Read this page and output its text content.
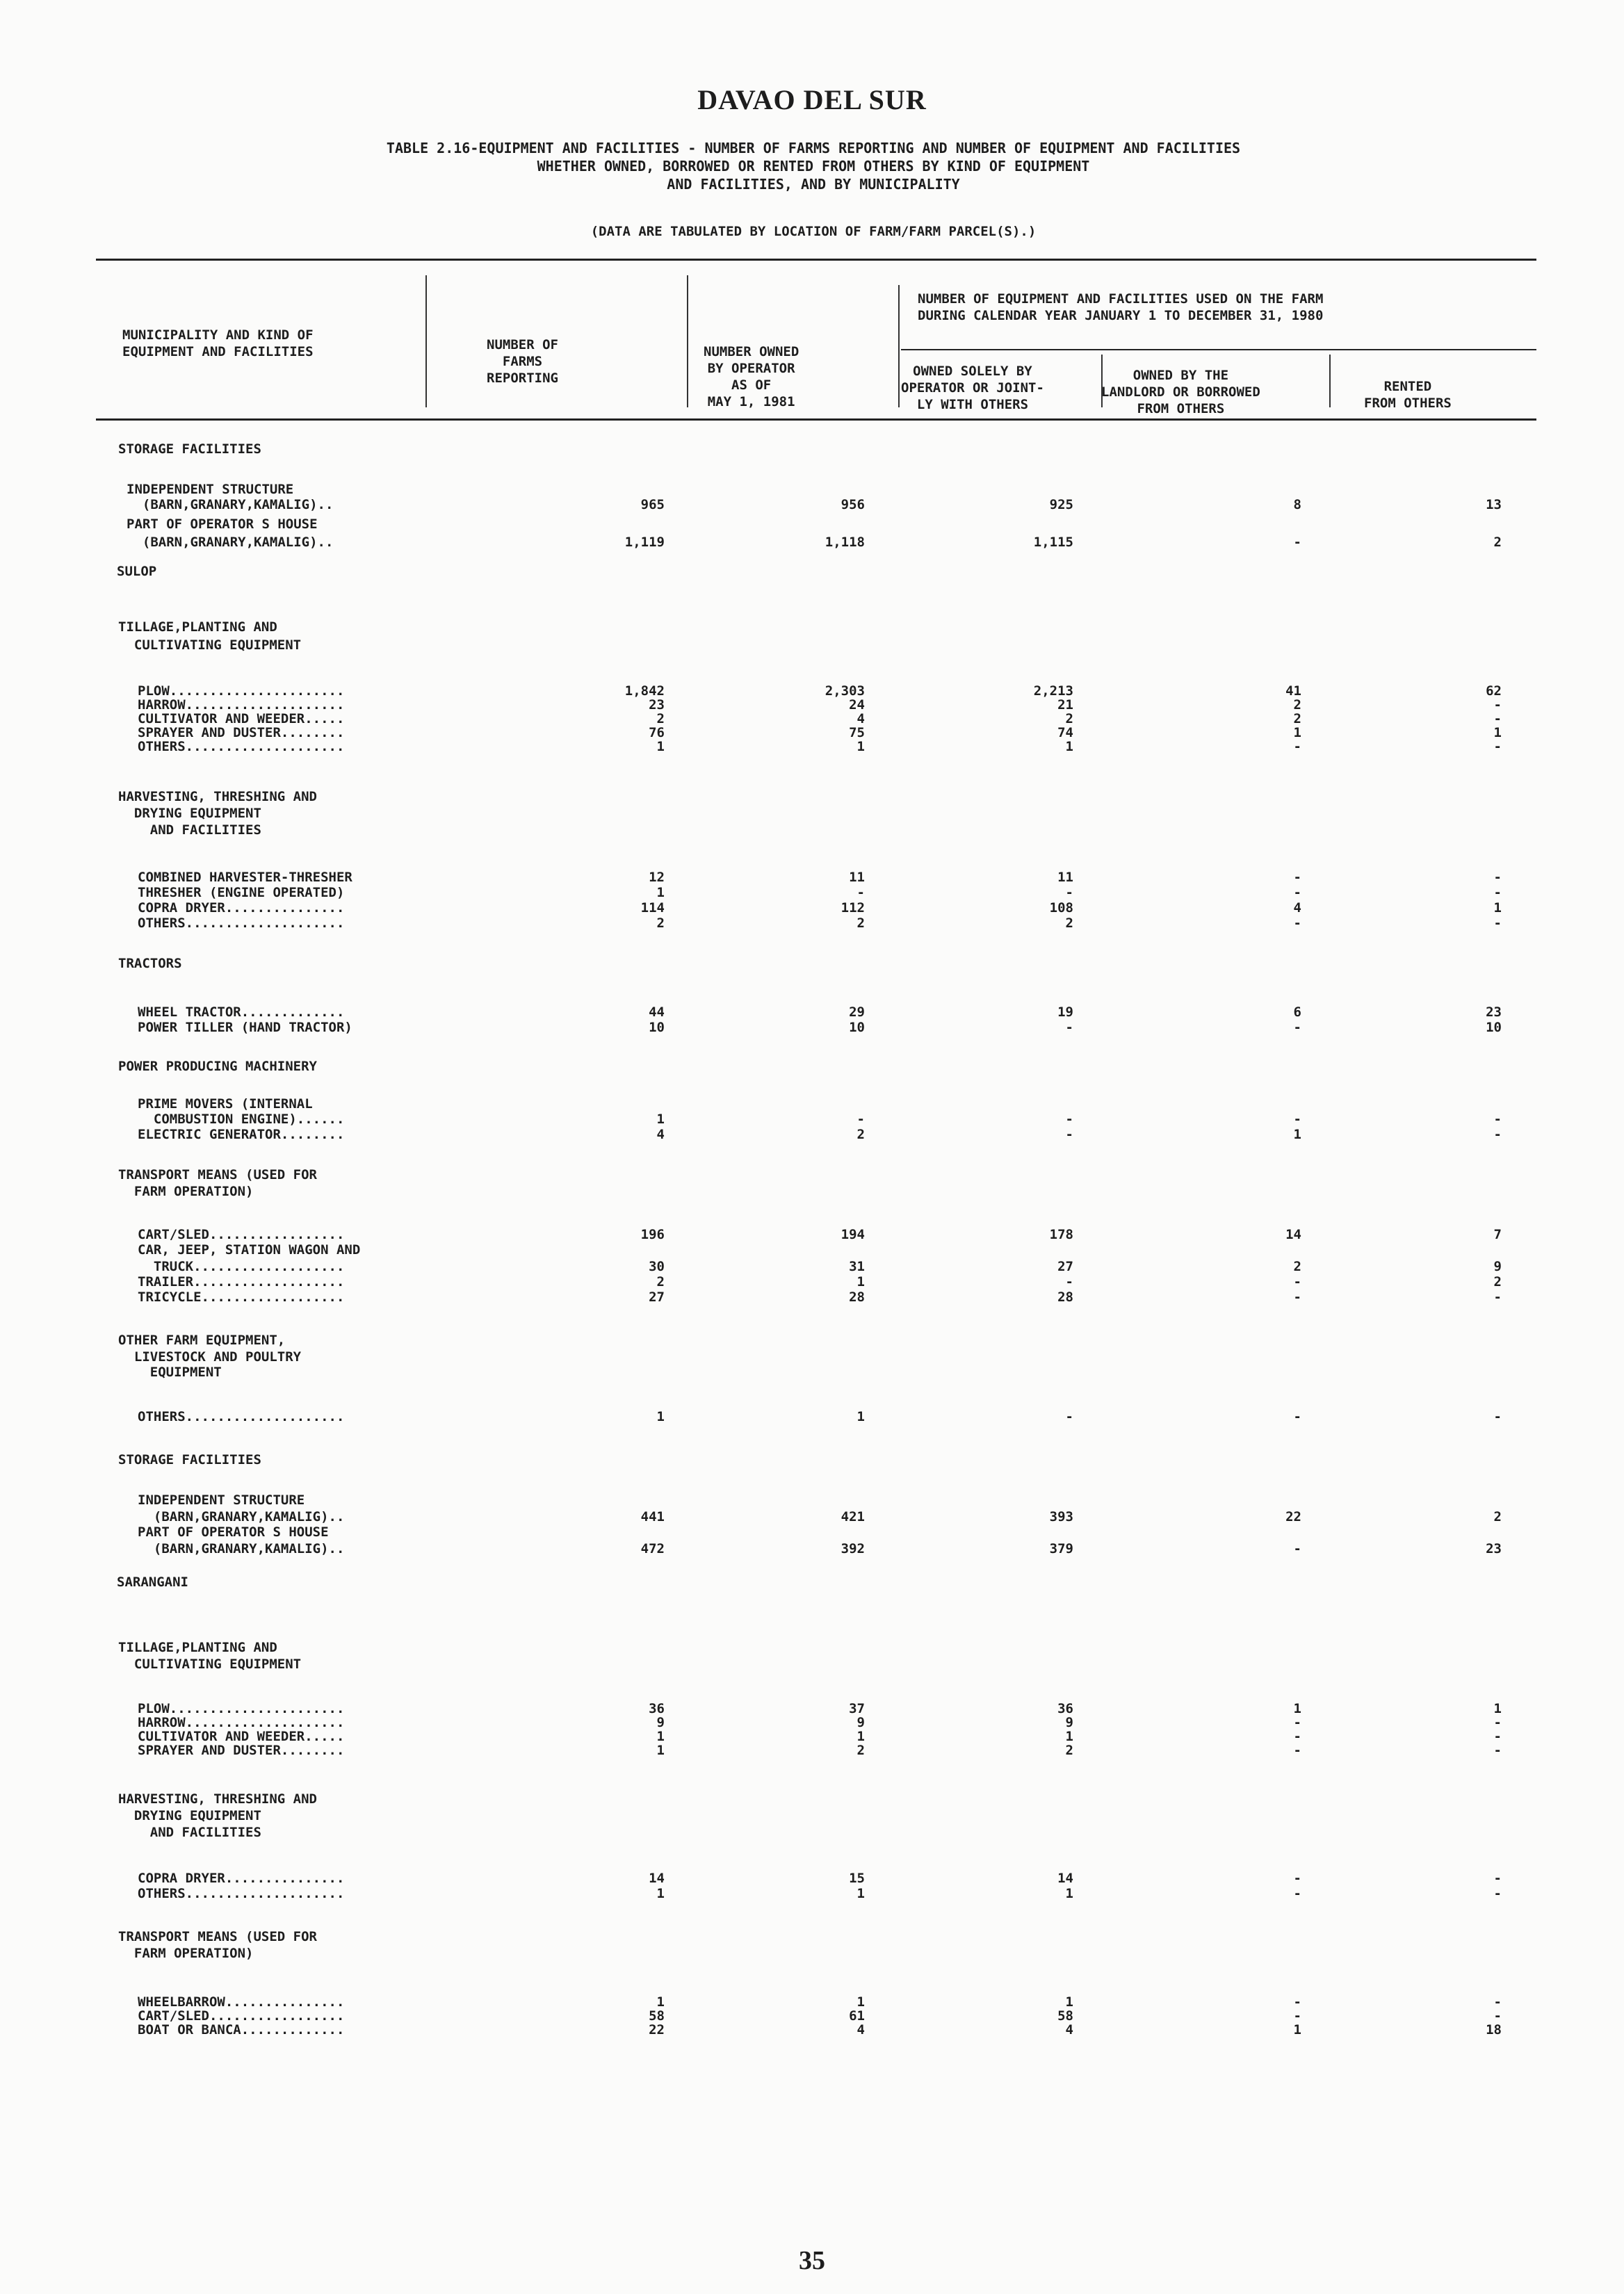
DAVAO DEL SUR
TABLE 2.16-EQUIPMENT AND FACILITIES - NUMBER OF FARMS REPORTING AND NUMBER OF EQUIPMENT AND FACILITIES
WHETHER OWNED, BORROWED OR RENTED FROM OTHERS BY KIND OF EQUIPMENT
AND FACILITIES, AND BY MUNICIPALITY
(DATA ARE TABULATED BY LOCATION OF FARM/FARM PARCEL(S).)
MUNICIPALITY AND KIND OF
EQUIPMENT AND FACILITIES	NUMBER OF
FARMS
REPORTING
NUMBER OWNED
BY OPERATOR
AS OF
MAY 1, 1981
NUMBER OF EQUIPMENT AND FACILITIES USED ON THE FARM
DURING CALENDAR YEAR JANUARY 1 TO DECEMBER 31, 1980
OWNED SOLELY BY
OPERATOR OR JOINT-
LY WITH OTHERS
OWNED BY THE
LANDLORD OR BORROWED
FROM OTHERS
RENTED
FROM OTHERS
STORAGE FACILITIES
INDEPENDENT STRUCTURE
(BARN,GRANARY,KAMALIG)..	965	956	925	8	13
PART OF OPERATOR S HOUSE
(BARN,GRANARY,KAMALIG)..	1,119	1,118	1,115	-	2
SULOP
TILLAGE,PLANTING AND
CULTIVATING EQUIPMENT
PLOW......................	1,842	2,303	2,213	41	62
HARROW....................	23	24	21	2	-
CULTIVATOR AND WEEDER.....	2	4	2	2	-
SPRAYER AND DUSTER........	76	75	74	1	1
OTHERS....................	1	1	1	-	-
HARVESTING, THRESHING AND
DRYING EQUIPMENT
AND FACILITIES
COMBINED HARVESTER-THRESHER	12	11	11	-	-
THRESHER (ENGINE OPERATED)	1	-	-	-	-
COPRA DRYER...............	114	112	108	4	1
OTHERS....................	2	2	2	-	-
TRACTORS
WHEEL TRACTOR.............	44	29	19	6	23
POWER TILLER (HAND TRACTOR)	10	10	-	-	10
POWER PRODUCING MACHINERY
PRIME MOVERS (INTERNAL
COMBUSTION ENGINE)......	1	-	-	-	-
ELECTRIC GENERATOR........	4	2	-	1	-
TRANSPORT MEANS (USED FOR
FARM OPERATION)
CART/SLED.................	196	194	178	14	7
CAR, JEEP, STATION WAGON AND
TRUCK...................	30	31	27	2	9
TRAILER...................	2	1	-	-	2
TRICYCLE..................	27	28	28	-	-
OTHER FARM EQUIPMENT,
LIVESTOCK AND POULTRY
EQUIPMENT
OTHERS....................	1	1	-	-	-
STORAGE FACILITIES
INDEPENDENT STRUCTURE
(BARN,GRANARY,KAMALIG)..	441	421	393	22	2
PART OF OPERATOR S HOUSE
(BARN,GRANARY,KAMALIG)..	472	392	379	-	23
SARANGANI
TILLAGE,PLANTING AND
CULTIVATING EQUIPMENT
PLOW......................	36	37	36	1	1
HARROW....................	9	9	9	-	-
CULTIVATOR AND WEEDER.....	1	1	1	-	-
SPRAYER AND DUSTER........	1	2	2	-	-
HARVESTING, THRESHING AND
DRYING EQUIPMENT
AND FACILITIES
COPRA DRYER...............	14	15	14	-	-
OTHERS....................	1	1	1	-	-
TRANSPORT MEANS (USED FOR
FARM OPERATION)
WHEELBARROW...............	1	1	1	-	-
CART/SLED.................	58	61	58	-	-
BOAT OR BANCA.............	22	4	4	1	18
35
